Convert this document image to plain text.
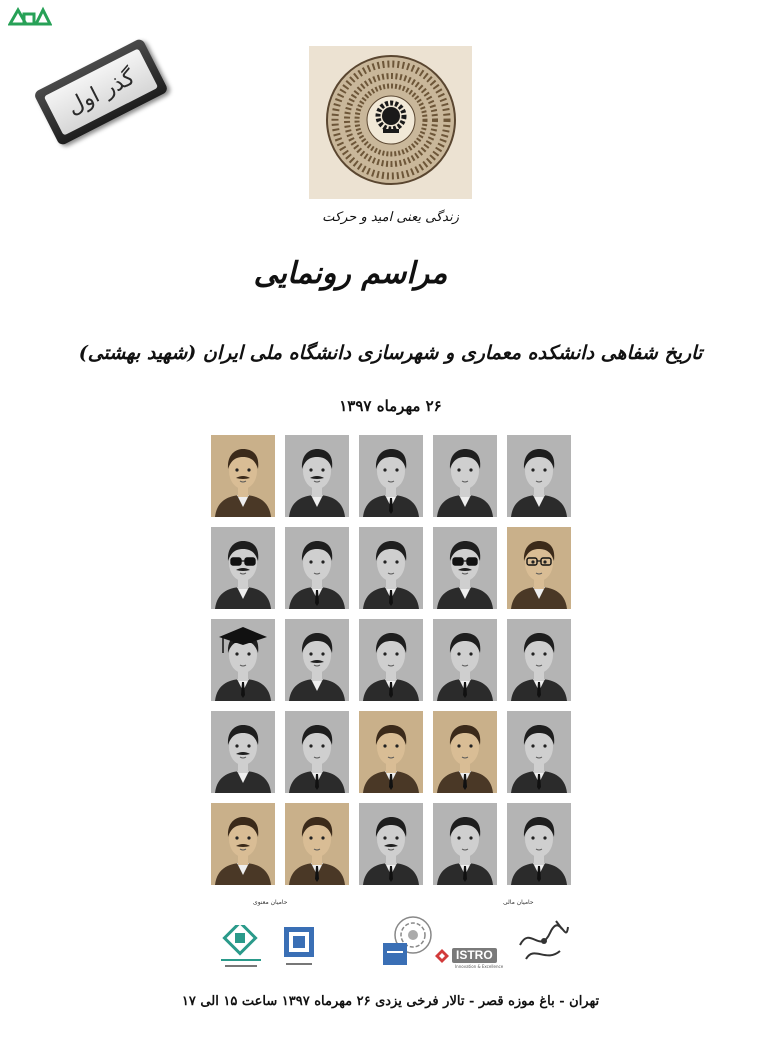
گذر اول
زندگی یعنی امید و حرکت
مراسم رونمایی
تاریخ شفاهی دانشکده معماری و شهرسازی دانشگاه ملی ایران (شهید بهشتی)
۲۶ مهرماه ۱۳۹۷
حامیان معنوی	حامیان مالی
ISTRO
Innovation & Excellence
تهران - باغ موزه قصر - تالار فرخی یزدی ۲۶ مهرماه ۱۳۹۷ ساعت ۱۵ الی ۱۷
